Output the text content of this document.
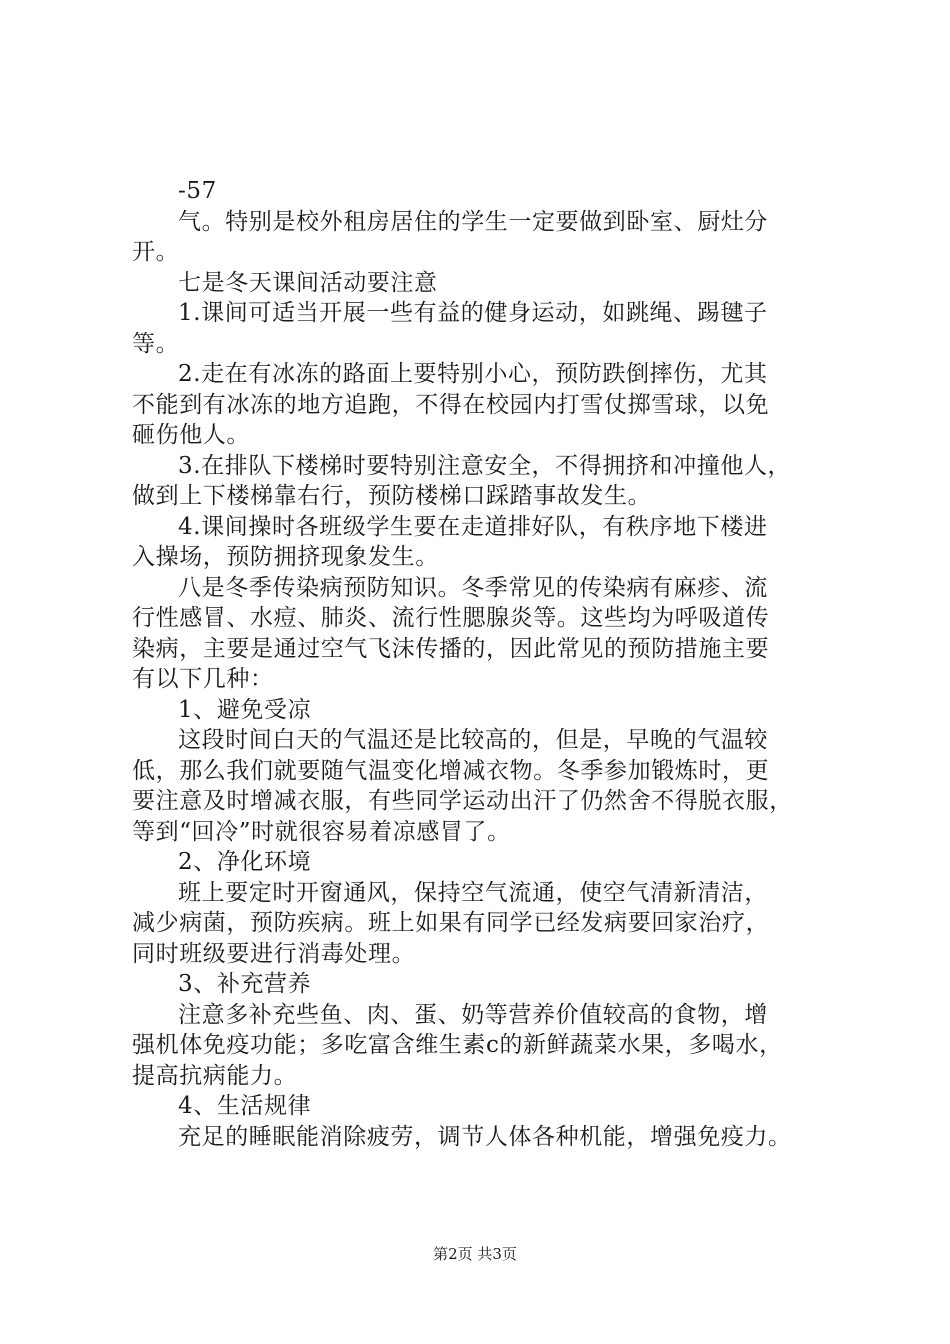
-57
气。特别是校外租房居住的学生一定要做到卧室、厨灶分
开。
七是冬天课间活动要注意
1.课间可适当开展一些有益的健身运动，如跳绳、踢毽子
等。
2.走在有冰冻的路面上要特别小心，预防跌倒摔伤，尤其
不能到有冰冻的地方追跑，不得在校园内打雪仗掷雪球，以免
砸伤他人。
3.在排队下楼梯时要特别注意安全，不得拥挤和冲撞他人，
做到上下楼梯靠右行，预防楼梯口踩踏事故发生。
4.课间操时各班级学生要在走道排好队，有秩序地下楼进
入操场，预防拥挤现象发生。
八是冬季传染病预防知识。冬季常见的传染病有麻疹、流
行性感冒、水痘、肺炎、流行性腮腺炎等。这些均为呼吸道传
染病，主要是通过空气飞沫传播的，因此常见的预防措施主要
有以下几种：
1、避免受凉
这段时间白天的气温还是比较高的，但是，早晚的气温较
低，那么我们就要随气温变化增减衣物。冬季参加锻炼时，更
要注意及时增减衣服，有些同学运动出汗了仍然舍不得脱衣服，
等到“回冷”时就很容易着凉感冒了。
2、净化环境
班上要定时开窗通风，保持空气流通，使空气清新清洁，
减少病菌，预防疾病。班上如果有同学已经发病要回家治疗，
同时班级要进行消毒处理。
3、补充营养
注意多补充些鱼、肉、蛋、奶等营养价值较高的食物，增
强机体免疫功能；多吃富含维生素c的新鲜蔬菜水果，多喝水，
提高抗病能力。
4、生活规律
充足的睡眠能消除疲劳，调节人体各种机能，增强免疫力。
第2页 共3页
